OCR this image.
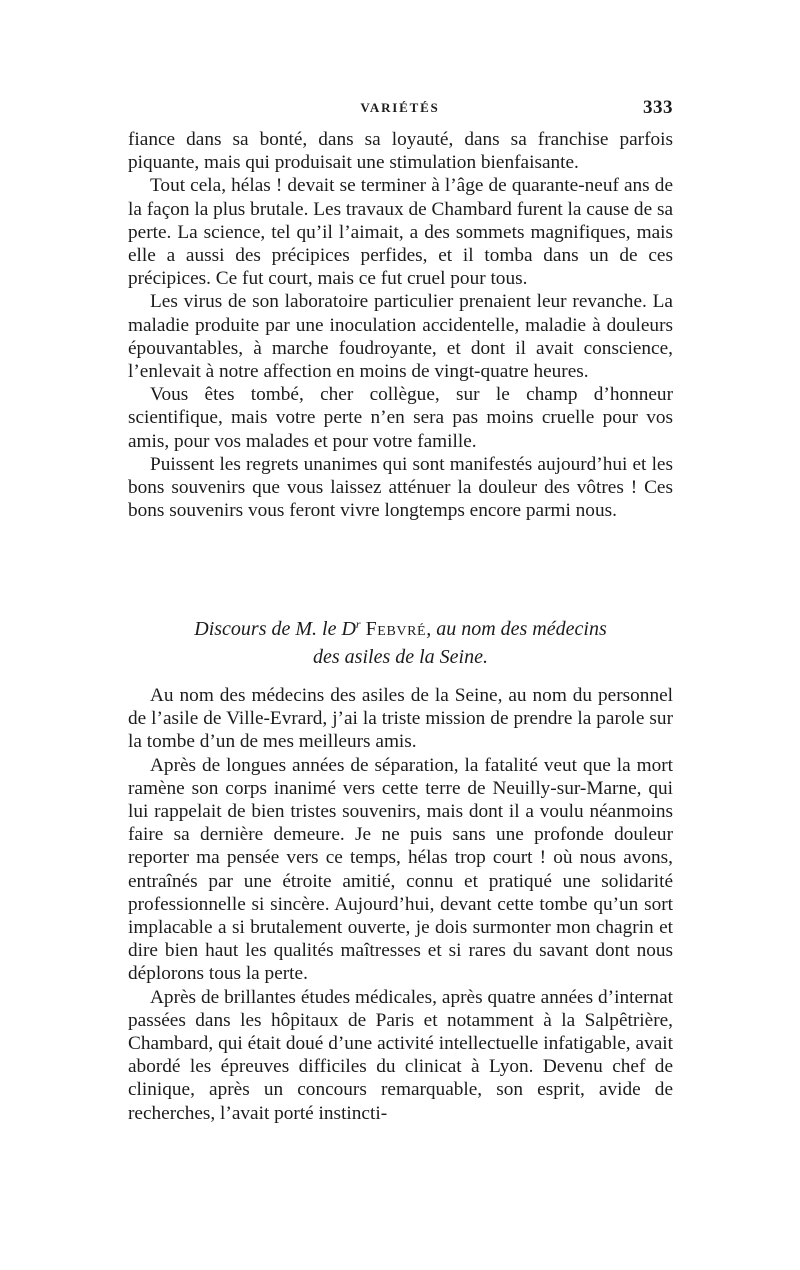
VARIÉTÉS	333

fiance dans sa bonté, dans sa loyauté, dans sa franchise parfois piquante, mais qui produisait une stimulation bienfaisante.

Tout cela, hélas ! devait se terminer à l’âge de quarante-neuf ans de la façon la plus brutale. Les travaux de Chambard furent la cause de sa perte. La science, tel qu’il l’aimait, a des sommets magnifiques, mais elle a aussi des précipices perfides, et il tomba dans un de ces précipices. Ce fut court, mais ce fut cruel pour tous.

Les virus de son laboratoire particulier prenaient leur revanche. La maladie produite par une inoculation accidentelle, maladie à douleurs épouvantables, à marche foudroyante, et dont il avait conscience, l’enlevait à notre affection en moins de vingt-quatre heures.

Vous êtes tombé, cher collègue, sur le champ d’honneur scientifique, mais votre perte n’en sera pas moins cruelle pour vos amis, pour vos malades et pour votre famille.

Puissent les regrets unanimes qui sont manifestés aujourd’hui et les bons souvenirs que vous laissez atténuer la douleur des vôtres ! Ces bons souvenirs vous feront vivre longtemps encore parmi nous.

Discours de M. le $D^r$ Febvré, au nom des médecins
des asiles de la Seine.

Au nom des médecins des asiles de la Seine, au nom du personnel de l’asile de Ville-Evrard, j’ai la triste mission de prendre la parole sur la tombe d’un de mes meilleurs amis.

Après de longues années de séparation, la fatalité veut que la mort ramène son corps inanimé vers cette terre de Neuilly-sur-Marne, qui lui rappelait de bien tristes souvenirs, mais dont il a voulu néanmoins faire sa dernière demeure. Je ne puis sans une profonde douleur reporter ma pensée vers ce temps, hélas trop court ! où nous avons, entraînés par une étroite amitié, connu et pratiqué une solidarité professionnelle si sincère. Aujourd’hui, devant cette tombe qu’un sort implacable a si brutalement ouverte, je dois surmonter mon chagrin et dire bien haut les qualités maîtresses et si rares du savant dont nous déplorons tous la perte.

Après de brillantes études médicales, après quatre années d’internat passées dans les hôpitaux de Paris et notamment à la Salpêtrière, Chambard, qui était doué d’une activité intellectuelle infatigable, avait abordé les épreuves difficiles du clinicat à Lyon. Devenu chef de clinique, après un concours remarquable, son esprit, avide de recherches, l’avait porté instincti-
